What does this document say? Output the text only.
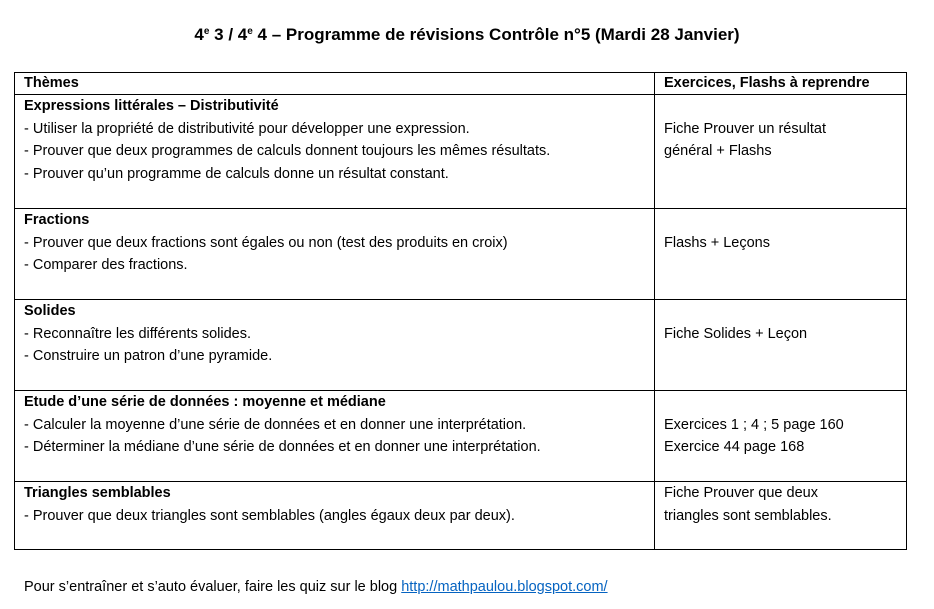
4e 3 / 4e 4 – Programme de révisions Contrôle n°5 (Mardi 28 Janvier)
Thèmes	Exercices, Flashs à reprendre

Expressions littérales – Distributivité
- Utiliser la propriété de distributivité pour développer une expression.
- Prouver que deux programmes de calculs donnent toujours les mêmes résultats.
- Prouver qu’un programme de calculs donne un résultat constant.	Fiche Prouver un résultat
général + Flashs

Fractions
- Prouver que deux fractions sont égales ou non (test des produits en croix)
- Comparer des fractions.	Flashs + Leçons

Solides
- Reconnaître les différents solides.
- Construire un patron d’une pyramide.	Fiche Solides + Leçon

Etude d’une série de données : moyenne et médiane
- Calculer la moyenne d’une série de données et en donner une interprétation.
- Déterminer la médiane d’une série de données et en donner une interprétation.	Exercices 1 ; 4 ; 5 page 160
Exercice 44 page 168

Triangles semblables
- Prouver que deux triangles sont semblables (angles égaux deux par deux).	Fiche Prouver que deux
triangles sont semblables.
Pour s’entraîner et s’auto évaluer, faire les quiz sur le blog http://mathpaulou.blogspot.com/
